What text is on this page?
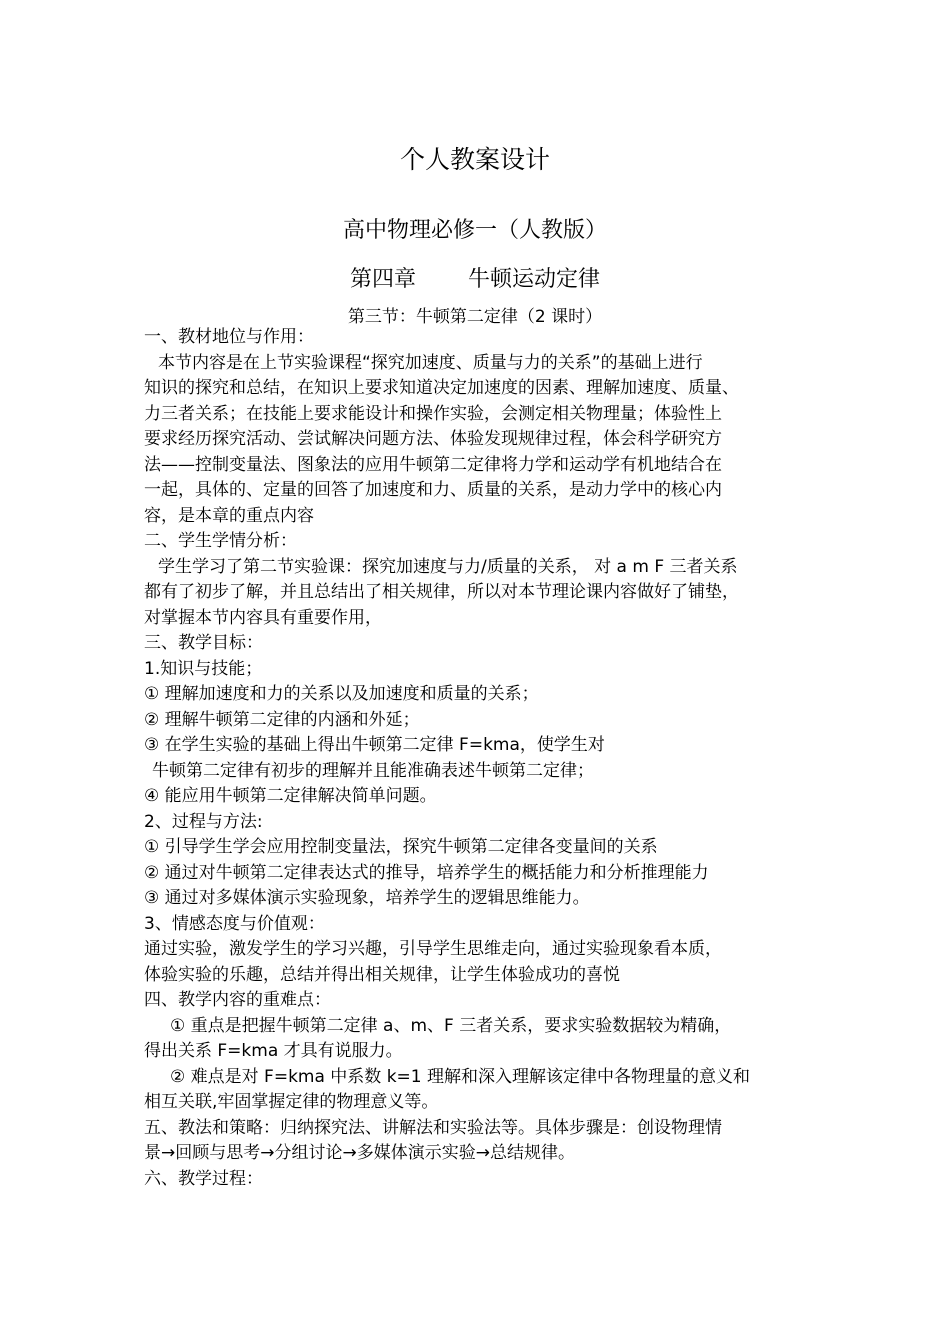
个人教案设计
高中物理必修一（人教版）
第四章 牛顿运动定律
第三节：牛顿第二定律（2 课时）
一、教材地位与作用：
本节内容是在上节实验课程“探究加速度、质量与力的关系”的基础上进行
知识的探究和总结，在知识上要求知道决定加速度的因素、理解加速度、质量、
力三者关系；在技能上要求能设计和操作实验，会测定相关物理量；体验性上
要求经历探究活动、尝试解决问题方法、体验发现规律过程，体会科学研究方
法——控制变量法、图象法的应用牛顿第二定律将力学和运动学有机地结合在
一起，具体的、定量的回答了加速度和力、质量的关系，是动力学中的核心内
容，是本章的重点内容
二、学生学情分析：
学生学习了第二节实验课：探究加速度与力/质量的关系， 对 a m F 三者关系
都有了初步了解，并且总结出了相关规律，所以对本节理论课内容做好了铺垫，
对掌握本节内容具有重要作用，
三、教学目标：
1.知识与技能；
① 理解加速度和力的关系以及加速度和质量的关系；
② 理解牛顿第二定律的内涵和外延；
③ 在学生实验的基础上得出牛顿第二定律 F=kma，使学生对
牛顿第二定律有初步的理解并且能准确表述牛顿第二定律；
④ 能应用牛顿第二定律解决简单问题。
2、过程与方法:
① 引导学生学会应用控制变量法，探究牛顿第二定律各变量间的关系
② 通过对牛顿第二定律表达式的推导，培养学生的概括能力和分析推理能力
③ 通过对多媒体演示实验现象，培养学生的逻辑思维能力。
3、情感态度与价值观：
通过实验，激发学生的学习兴趣，引导学生思维走向，通过实验现象看本质，
体验实验的乐趣，总结并得出相关规律，让学生体验成功的喜悦
四、教学内容的重难点：
① 重点是把握牛顿第二定律 a、m、F 三者关系，要求实验数据较为精确，
得出关系 F=kma 才具有说服力。
② 难点是对 F=kma 中系数 k=1 理解和深入理解该定律中各物理量的意义和
相互关联,牢固掌握定律的物理意义等。
五、教法和策略：归纳探究法、讲解法和实验法等。具体步骤是：创设物理情
景→回顾与思考→分组讨论→多媒体演示实验→总结规律。
六、教学过程：
